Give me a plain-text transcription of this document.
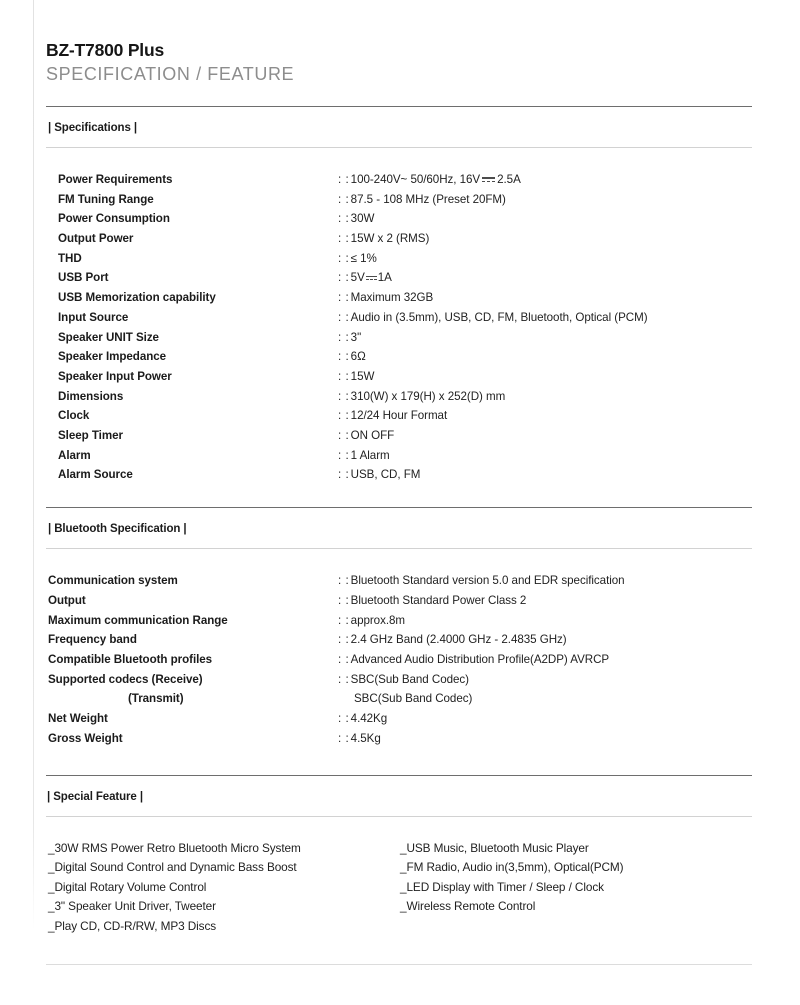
BZ-T7800 Plus
SPECIFICATION / FEATURE
| Specifications |
Power Requirements	: : 100-240V~ 50/60Hz, 16V 2.5A
FM Tuning Range	: : 87.5 - 108 MHz (Preset 20FM)
Power Consumption	: : 30W
Output Power	: : 15W x 2 (RMS)
THD	: : ≤ 1%
USB Port	: : 5V 1A
USB Memorization capability	: : Maximum 32GB
Input Source	: : Audio in (3.5mm), USB, CD, FM, Bluetooth, Optical (PCM)
Speaker UNIT Size	: : 3"
Speaker Impedance	: : 6Ω
Speaker Input Power	: : 15W
Dimensions	: : 310(W) x 179(H) x 252(D) mm
Clock	: : 12/24 Hour Format
Sleep Timer	: : ON OFF
Alarm	: : 1 Alarm
Alarm Source	: : USB, CD, FM
| Bluetooth Specification |
Communication system	: : Bluetooth Standard version 5.0 and EDR specification
Output	: : Bluetooth Standard Power Class 2
Maximum communication Range	: : approx.8m
Frequency band	: : 2.4 GHz Band (2.4000 GHz - 2.4835 GHz)
Compatible Bluetooth profiles	: : Advanced Audio Distribution Profile(A2DP) AVRCP
Supported codecs (Receive)	: : SBC(Sub Band Codec)
(Transmit)	SBC(Sub Band Codec)
Net Weight	: : 4.42Kg
Gross Weight	: : 4.5Kg
| Special Feature |
_30W RMS Power Retro Bluetooth Micro System
_Digital Sound Control and Dynamic Bass Boost
_Digital Rotary Volume Control
_3" Speaker Unit Driver, Tweeter
_Play CD, CD-R/RW, MP3 Discs
_USB Music, Bluetooth Music Player
_FM Radio, Audio in(3,5mm), Optical(PCM)
_LED Display with Timer / Sleep / Clock
_Wireless Remote Control
